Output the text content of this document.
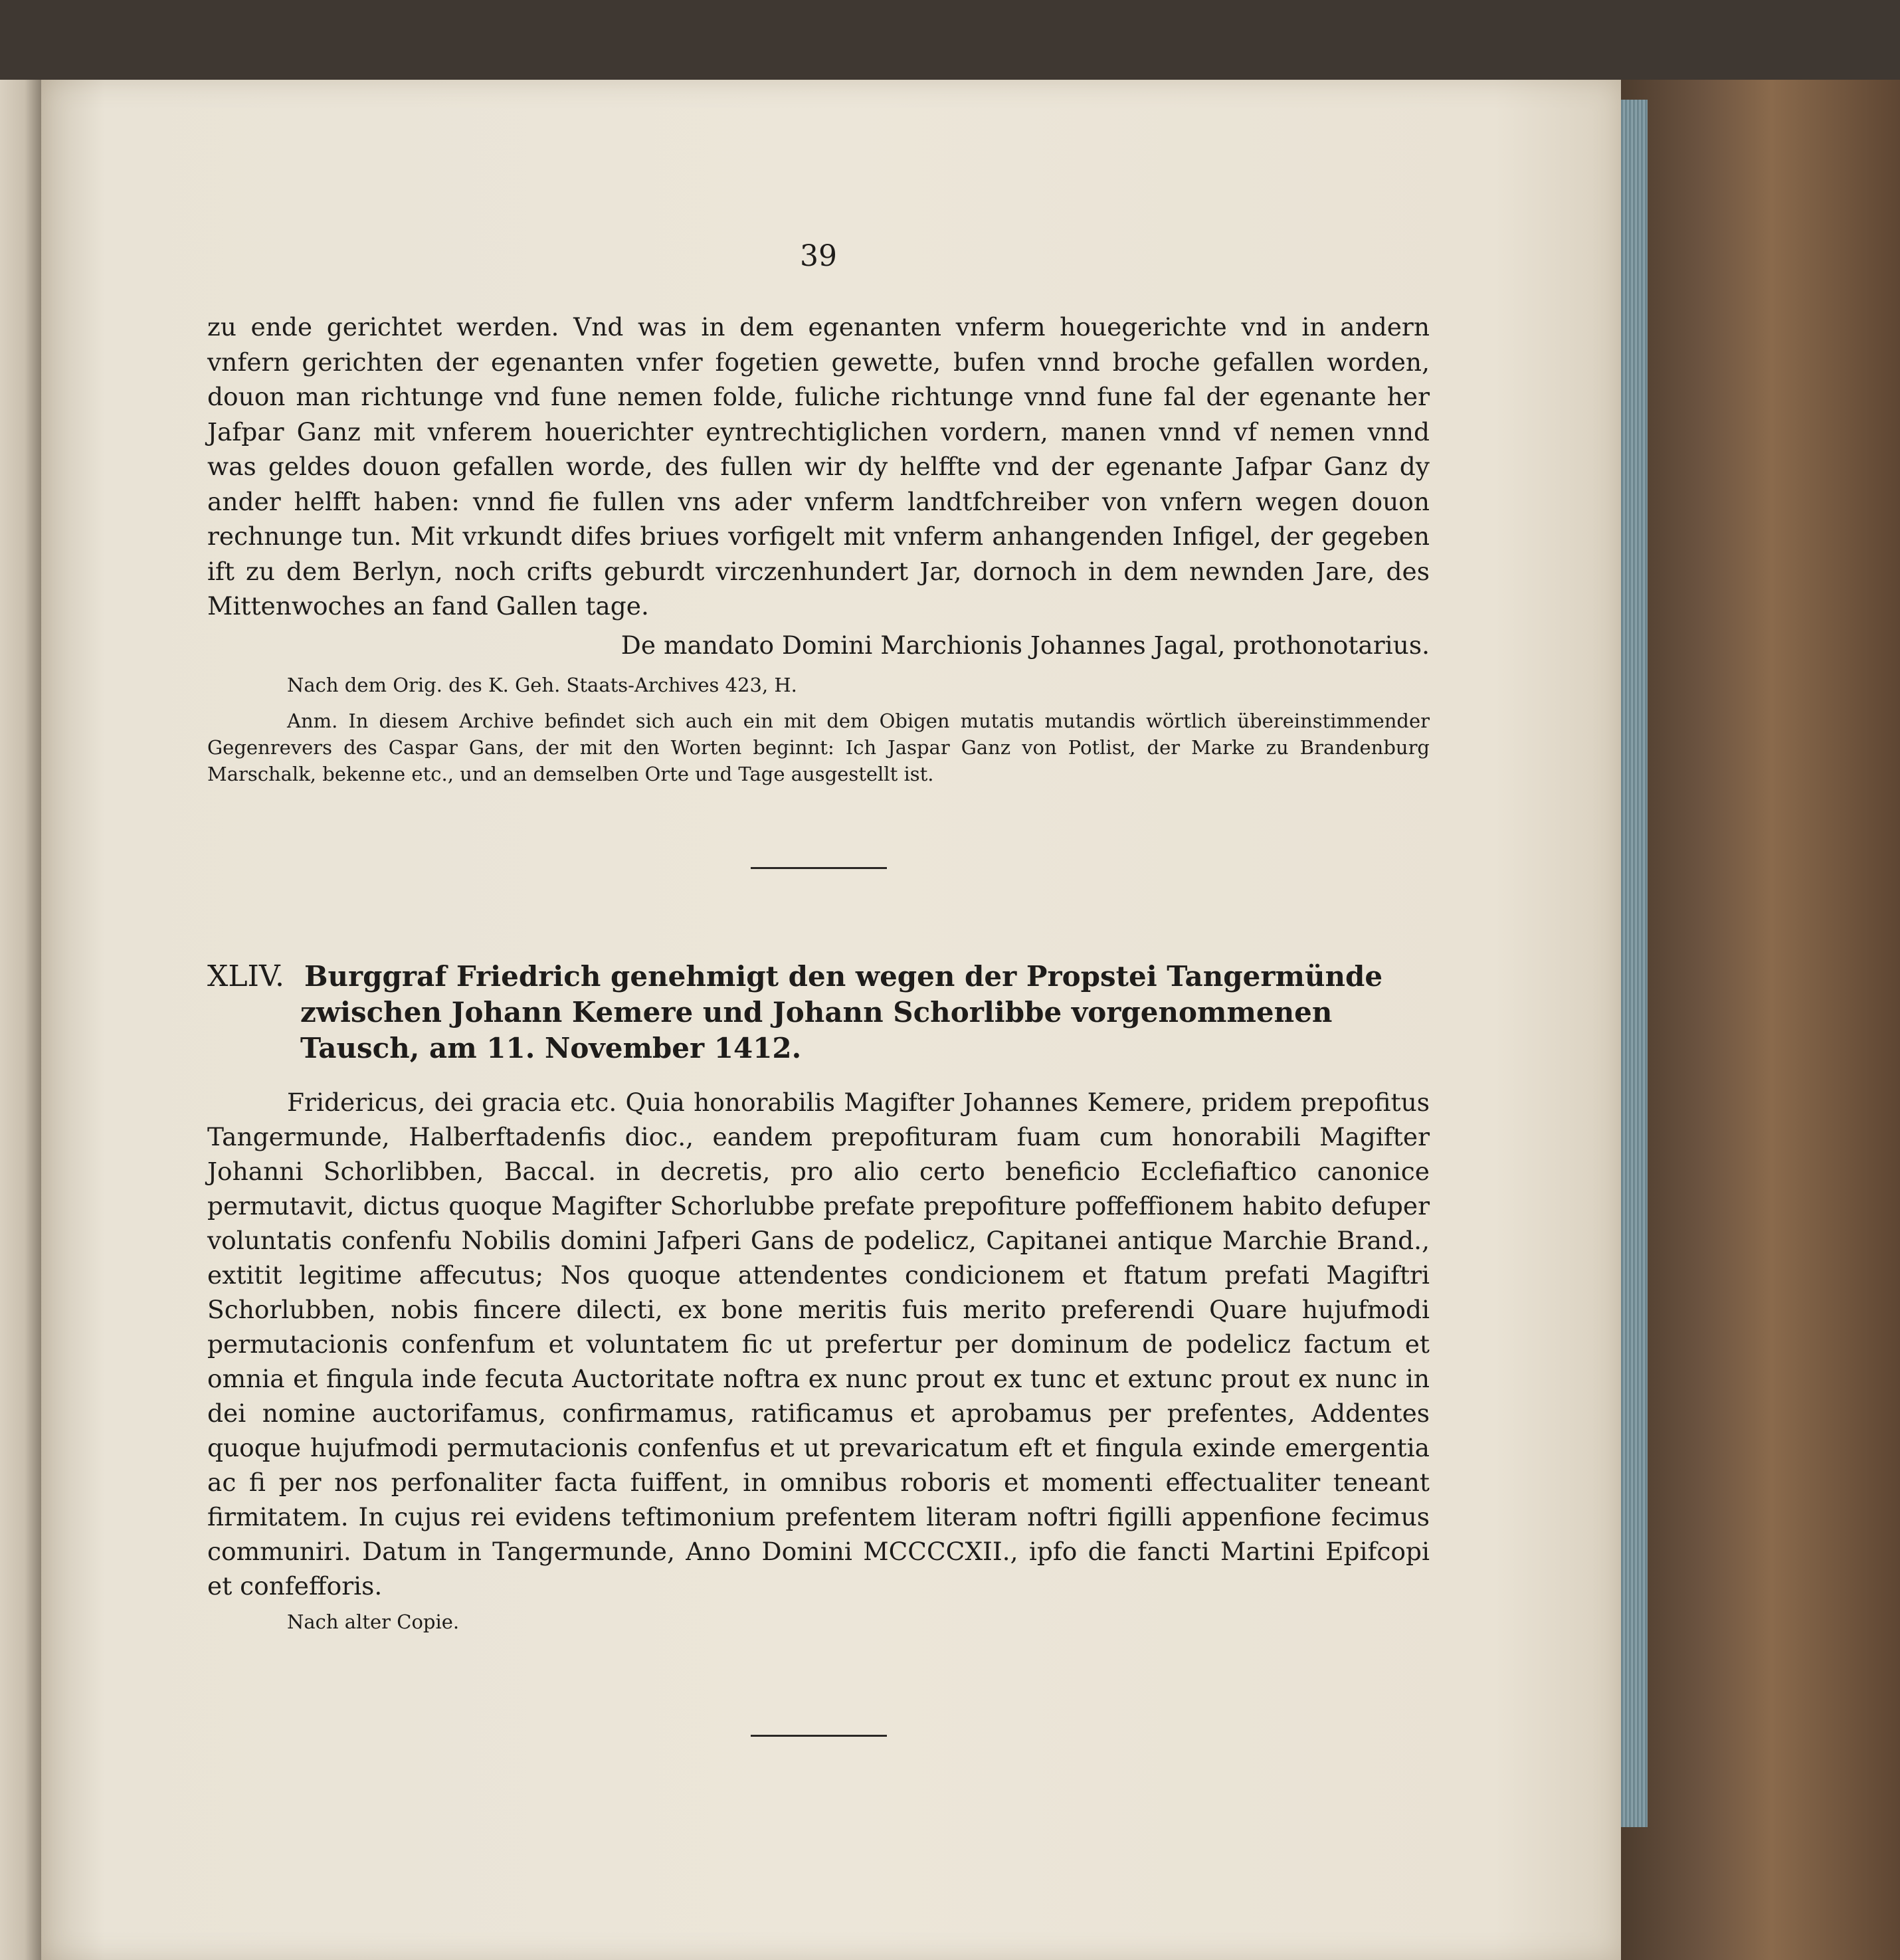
39

zu ende gerichtet werden. Vnd was in dem egenanten vnferm houegerichte vnd in andern vnfern gerichten der egenanten vnfer fogetien gewette, bufen vnnd broche gefallen worden, douon man richtunge vnd fune nemen folde, fuliche richtunge vnnd fune fal der egenante her Jafpar Ganz mit vnferem houerichter eyntrechtiglichen vordern, manen vnnd vf nemen vnnd was geldes douon gefallen worde, des fullen wir dy helffte vnd der egenante Jafpar Ganz dy ander helfft haben: vnnd fie fullen vns ader vnferm landtfchreiber von vnfern wegen douon rechnunge tun. Mit vrkundt difes briues vorfigelt mit vnferm anhangenden Infigel, der gegeben ift zu dem Berlyn, noch crifts geburdt virczenhundert Jar, dornoch in dem newnden Jare, des Mittenwoches an fand Gallen tage.

De mandato Domini Marchionis Johannes Jagal, prothonotarius.

Nach dem Orig. des K. Geh. Staats-Archives 423, H.

Anm. In diesem Archive befindet sich auch ein mit dem Obigen mutatis mutandis wörtlich übereinstimmender Gegenrevers des Caspar Gans, der mit den Worten beginnt: Ich Jaspar Ganz von Potlist, der Marke zu Brandenburg Marschalk, bekenne etc., und an demselben Orte und Tage ausgestellt ist.

XLIV. Burggraf Friedrich genehmigt den wegen der Propstei Tangermünde zwischen Johann Kemere und Johann Schorlibbe vorgenommenen Tausch, am 11. November 1412.

Fridericus, dei gracia etc. Quia honorabilis Magifter Johannes Kemere, pridem prepofitus Tangermunde, Halberftadenfis dioc., eandem prepofituram fuam cum honorabili Magifter Johanni Schorlibben, Baccal. in decretis, pro alio certo beneficio Ecclefiaftico canonice permutavit, dictus quoque Magifter Schorlubbe prefate prepofiture poffeffionem habito defuper voluntatis confenfu Nobilis domini Jafperi Gans de podelicz, Capitanei antique Marchie Brand., extitit legitime affecutus; Nos quoque attendentes condicionem et ftatum prefati Magiftri Schorlubben, nobis fincere dilecti, ex bone meritis fuis merito preferendi Quare hujufmodi permutacionis confenfum et voluntatem fic ut prefertur per dominum de podelicz factum et omnia et fingula inde fecuta Auctoritate noftra ex nunc prout ex tunc et extunc prout ex nunc in dei nomine auctorifamus, confirmamus, ratificamus et aprobamus per prefentes, Addentes quoque hujufmodi permutacionis confenfus et ut prevaricatum eft et fingula exinde emergentia ac fi per nos perfonaliter facta fuiffent, in omnibus roboris et momenti effectualiter teneant firmitatem. In cujus rei evidens teftimonium prefentem literam noftri figilli appenfione fecimus communiri. Datum in Tangermunde, Anno Domini MCCCCXII., ipfo die fancti Martini Epifcopi et confefforis.

Nach alter Copie.
